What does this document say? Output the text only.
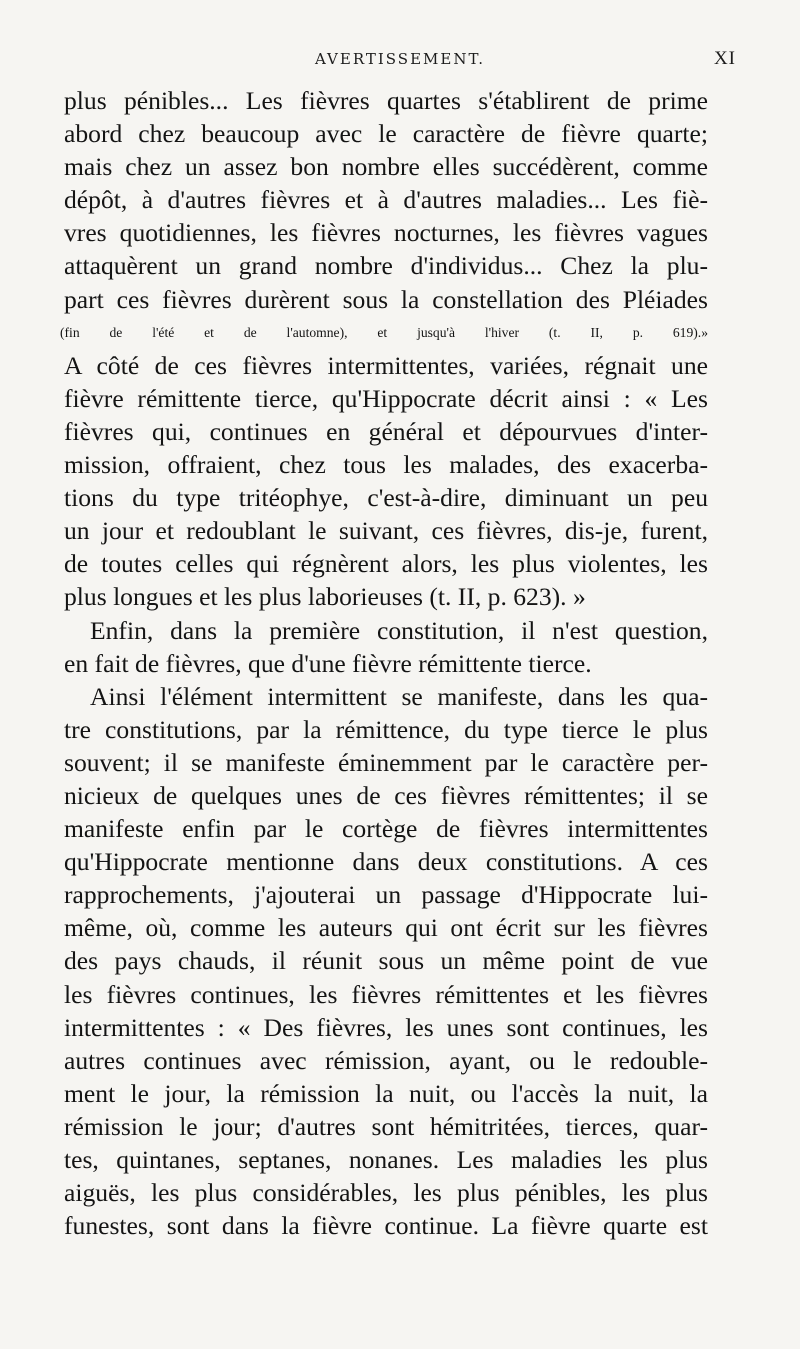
AVERTISSEMENT.	XI
plus pénibles... Les fièvres quartes s'établirent de prime
abord chez beaucoup avec le caractère de fièvre quarte;
mais chez un assez bon nombre elles succédèrent, comme
dépôt, à d'autres fièvres et à d'autres maladies... Les fiè-
vres quotidiennes, les fièvres nocturnes, les fièvres vagues
attaquèrent un grand nombre d'individus... Chez la plu-
part ces fièvres durèrent sous la constellation des Pléiades
(fin de l'été et de l'automne), et jusqu'à l'hiver (t. II, p. 619).»
A côté de ces fièvres intermittentes, variées, régnait une
fièvre rémittente tierce, qu'Hippocrate décrit ainsi : « Les
fièvres qui, continues en général et dépourvues d'inter-
mission, offraient, chez tous les malades, des exacerba-
tions du type tritéophye, c'est-à-dire, diminuant un peu
un jour et redoublant le suivant, ces fièvres, dis-je, furent,
de toutes celles qui régnèrent alors, les plus violentes, les
plus longues et les plus laborieuses (t. II, p. 623). »
Enfin, dans la première constitution, il n'est question,
en fait de fièvres, que d'une fièvre rémittente tierce.
Ainsi l'élément intermittent se manifeste, dans les qua-
tre constitutions, par la rémittence, du type tierce le plus
souvent; il se manifeste éminemment par le caractère per-
nicieux de quelques unes de ces fièvres rémittentes; il se
manifeste enfin par le cortège de fièvres intermittentes
qu'Hippocrate mentionne dans deux constitutions. A ces
rapprochements, j'ajouterai un passage d'Hippocrate lui-
même, où, comme les auteurs qui ont écrit sur les fièvres
des pays chauds, il réunit sous un même point de vue
les fièvres continues, les fièvres rémittentes et les fièvres
intermittentes : « Des fièvres, les unes sont continues, les
autres continues avec rémission, ayant, ou le redouble-
ment le jour, la rémission la nuit, ou l'accès la nuit, la
rémission le jour; d'autres sont hémitritées, tierces, quar-
tes, quintanes, septanes, nonanes. Les maladies les plus
aiguës, les plus considérables, les plus pénibles, les plus
funestes, sont dans la fièvre continue. La fièvre quarte est
